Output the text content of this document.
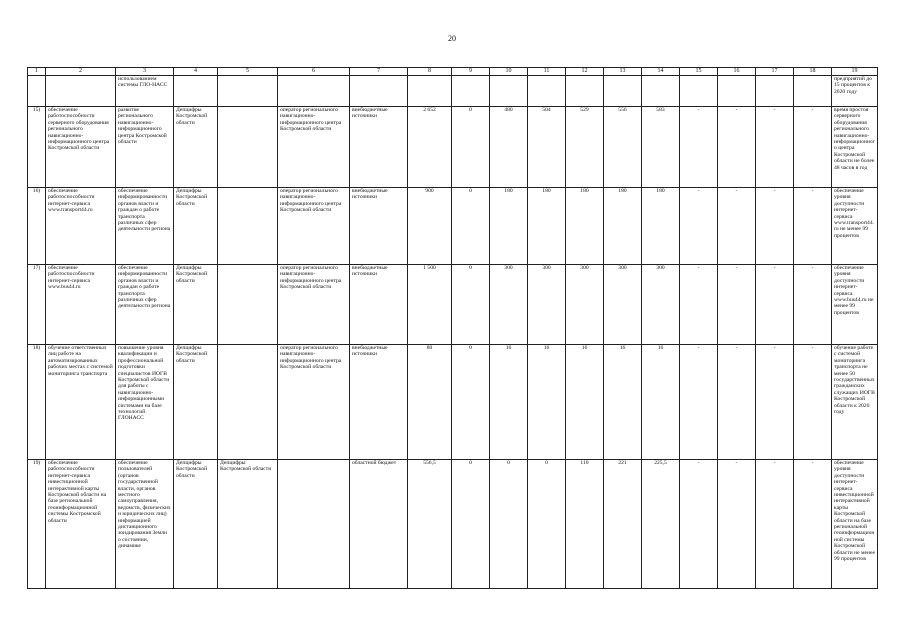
20
1	2	3	4	5	6	7	8	9	10	11	12	13	14	15	16	17	18	19
		использованием системы ГЛО-НАСС																предприятий до 15 процентов к 2020 году
15)	обеспечение работоспособности серверного оборудования регионального навигационно-информационного центра Костромской области	развитие регионального навигационно-информационного центра Костромской области	Депцифры Костромской области		оператор регионального навигационно-информационного центра Костромской области	внебюджетные источники	2 652	0	480	504	529	556	583	-	-	-	-	время простоя серверного оборудования регионального навигационно-информационного центра Костромской области не более 48 часов в год
16)	обеспечение работоспособности интернет-сервиса www.transport44.ru	обеспечение информированности органов власти и граждан о работе транспорта различных сфер деятельности региона	Депцифры Костромской области		оператор регионального навигационно-информационного центра Костромской области	внебюджетные источники	900	0	180	180	180	180	180	-	-	-	-	обеспечение уровня доступности интернет-сервиса www.transport44.ru не менее 99 процентов
17)	обеспечение работоспособности интернет-сервиса www.bus44.ru	обеспечение информированности органов власти и граждан о работе транспорта различных сфер деятельности региона	Депцифры Костромской области		оператор регионального навигационно-информационного центра Костромской области	внебюджетные источники	1 500	0	300	300	300	300	300	-	-	-	-	обеспечение уровня доступности интернет-сервиса www.bus44.ru не менее 99 процентов
18)	обучение ответственных лиц работе на автоматизированных рабочих местах с системой мониторинга транспорта	повышение уровня квалификации и профессиональной подготовки специалистов ИОГВ Костромской области для работы с навигационно-информационными системами на базе технологий ГЛОНАСС	Депцифры Костромской области		оператор регионального навигационно-информационного центра Костромской области	внебюджетные источники	80	0	16	16	16	16	16	-	-	-	-	обучение работе с системой мониторинга транспорта не менее 50 государственных гражданских служащих ИОГВ Костромской области к 2020 году
19)	обеспечение работоспособности интернет-сервиса инвестиционной интерактивной карты Костромской области на базе региональной геоинформационной системы Костромской области	обеспечение пользователей (органов государственной власти, органов местного самоуправления, ведомств, физических и юридических лиц) информацией дистанционного зондирования Земли о состоянии, динамике	Депцифры Костромской области	Депцифры Костромской области		областной бюджет	556,5	0	0	0	110	221	225,5	-	-	-	-	обеспечение уровня доступности интернет-сервиса инвестиционной интерактивной карты Костромской области на базе региональной геоинформационной системы Костромской области не менее 99 процентов
